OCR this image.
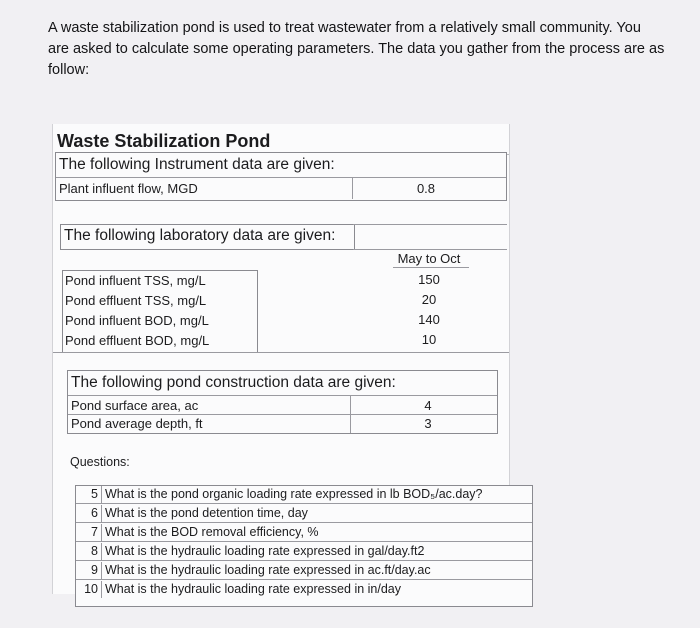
A waste stabilization pond is used to treat wastewater from a relatively small community. You
are asked to calculate some operating parameters. The data you gather from the process are as
follow:
Waste Stabilization Pond
The following Instrument data are given:
Plant influent flow, MGD	0.8
The following laboratory data are given:
May to Oct
Pond influent TSS, mg/L
Pond effluent TSS, mg/L
Pond influent BOD, mg/L
Pond effluent BOD, mg/L
150
20
140
10
The following pond construction data are given:
Pond surface area, ac
Pond average depth, ft
4
3
Questions:
5 What is the pond organic loading rate expressed in lb BOD₅/ac.day?
6 What is the pond detention time, day
7 What is the BOD removal efficiency, %
8 What is the hydraulic loading rate expressed in gal/day.ft2
9 What is the hydraulic loading rate expressed in ac.ft/day.ac
10 What is the hydraulic loading rate expressed in in/day
